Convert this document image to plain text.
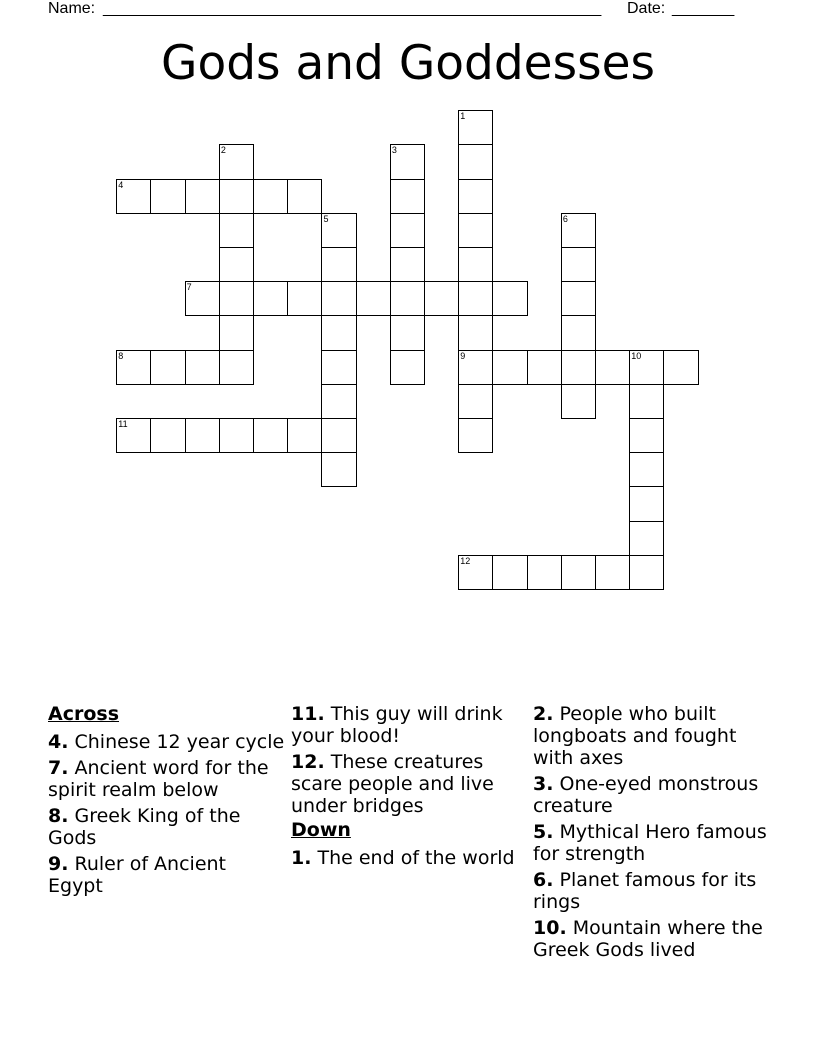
Name: ________________________________________________________ Date: _______
Gods and Goddesses
1
2	3
4
5	6
7
8	9	10
11
12
Across
4. Chinese 12 year cycle
7. Ancient word for the spirit realm below
8. Greek King of the Gods
9. Ruler of Ancient Egypt
11. This guy will drink your blood!
12. These creatures scare people and live under bridges
Down
1. The end of the world
2. People who built longboats and fought with axes
3. One-eyed monstrous creature
5. Mythical Hero famous for strength
6. Planet famous for its rings
10. Mountain where the Greek Gods lived
